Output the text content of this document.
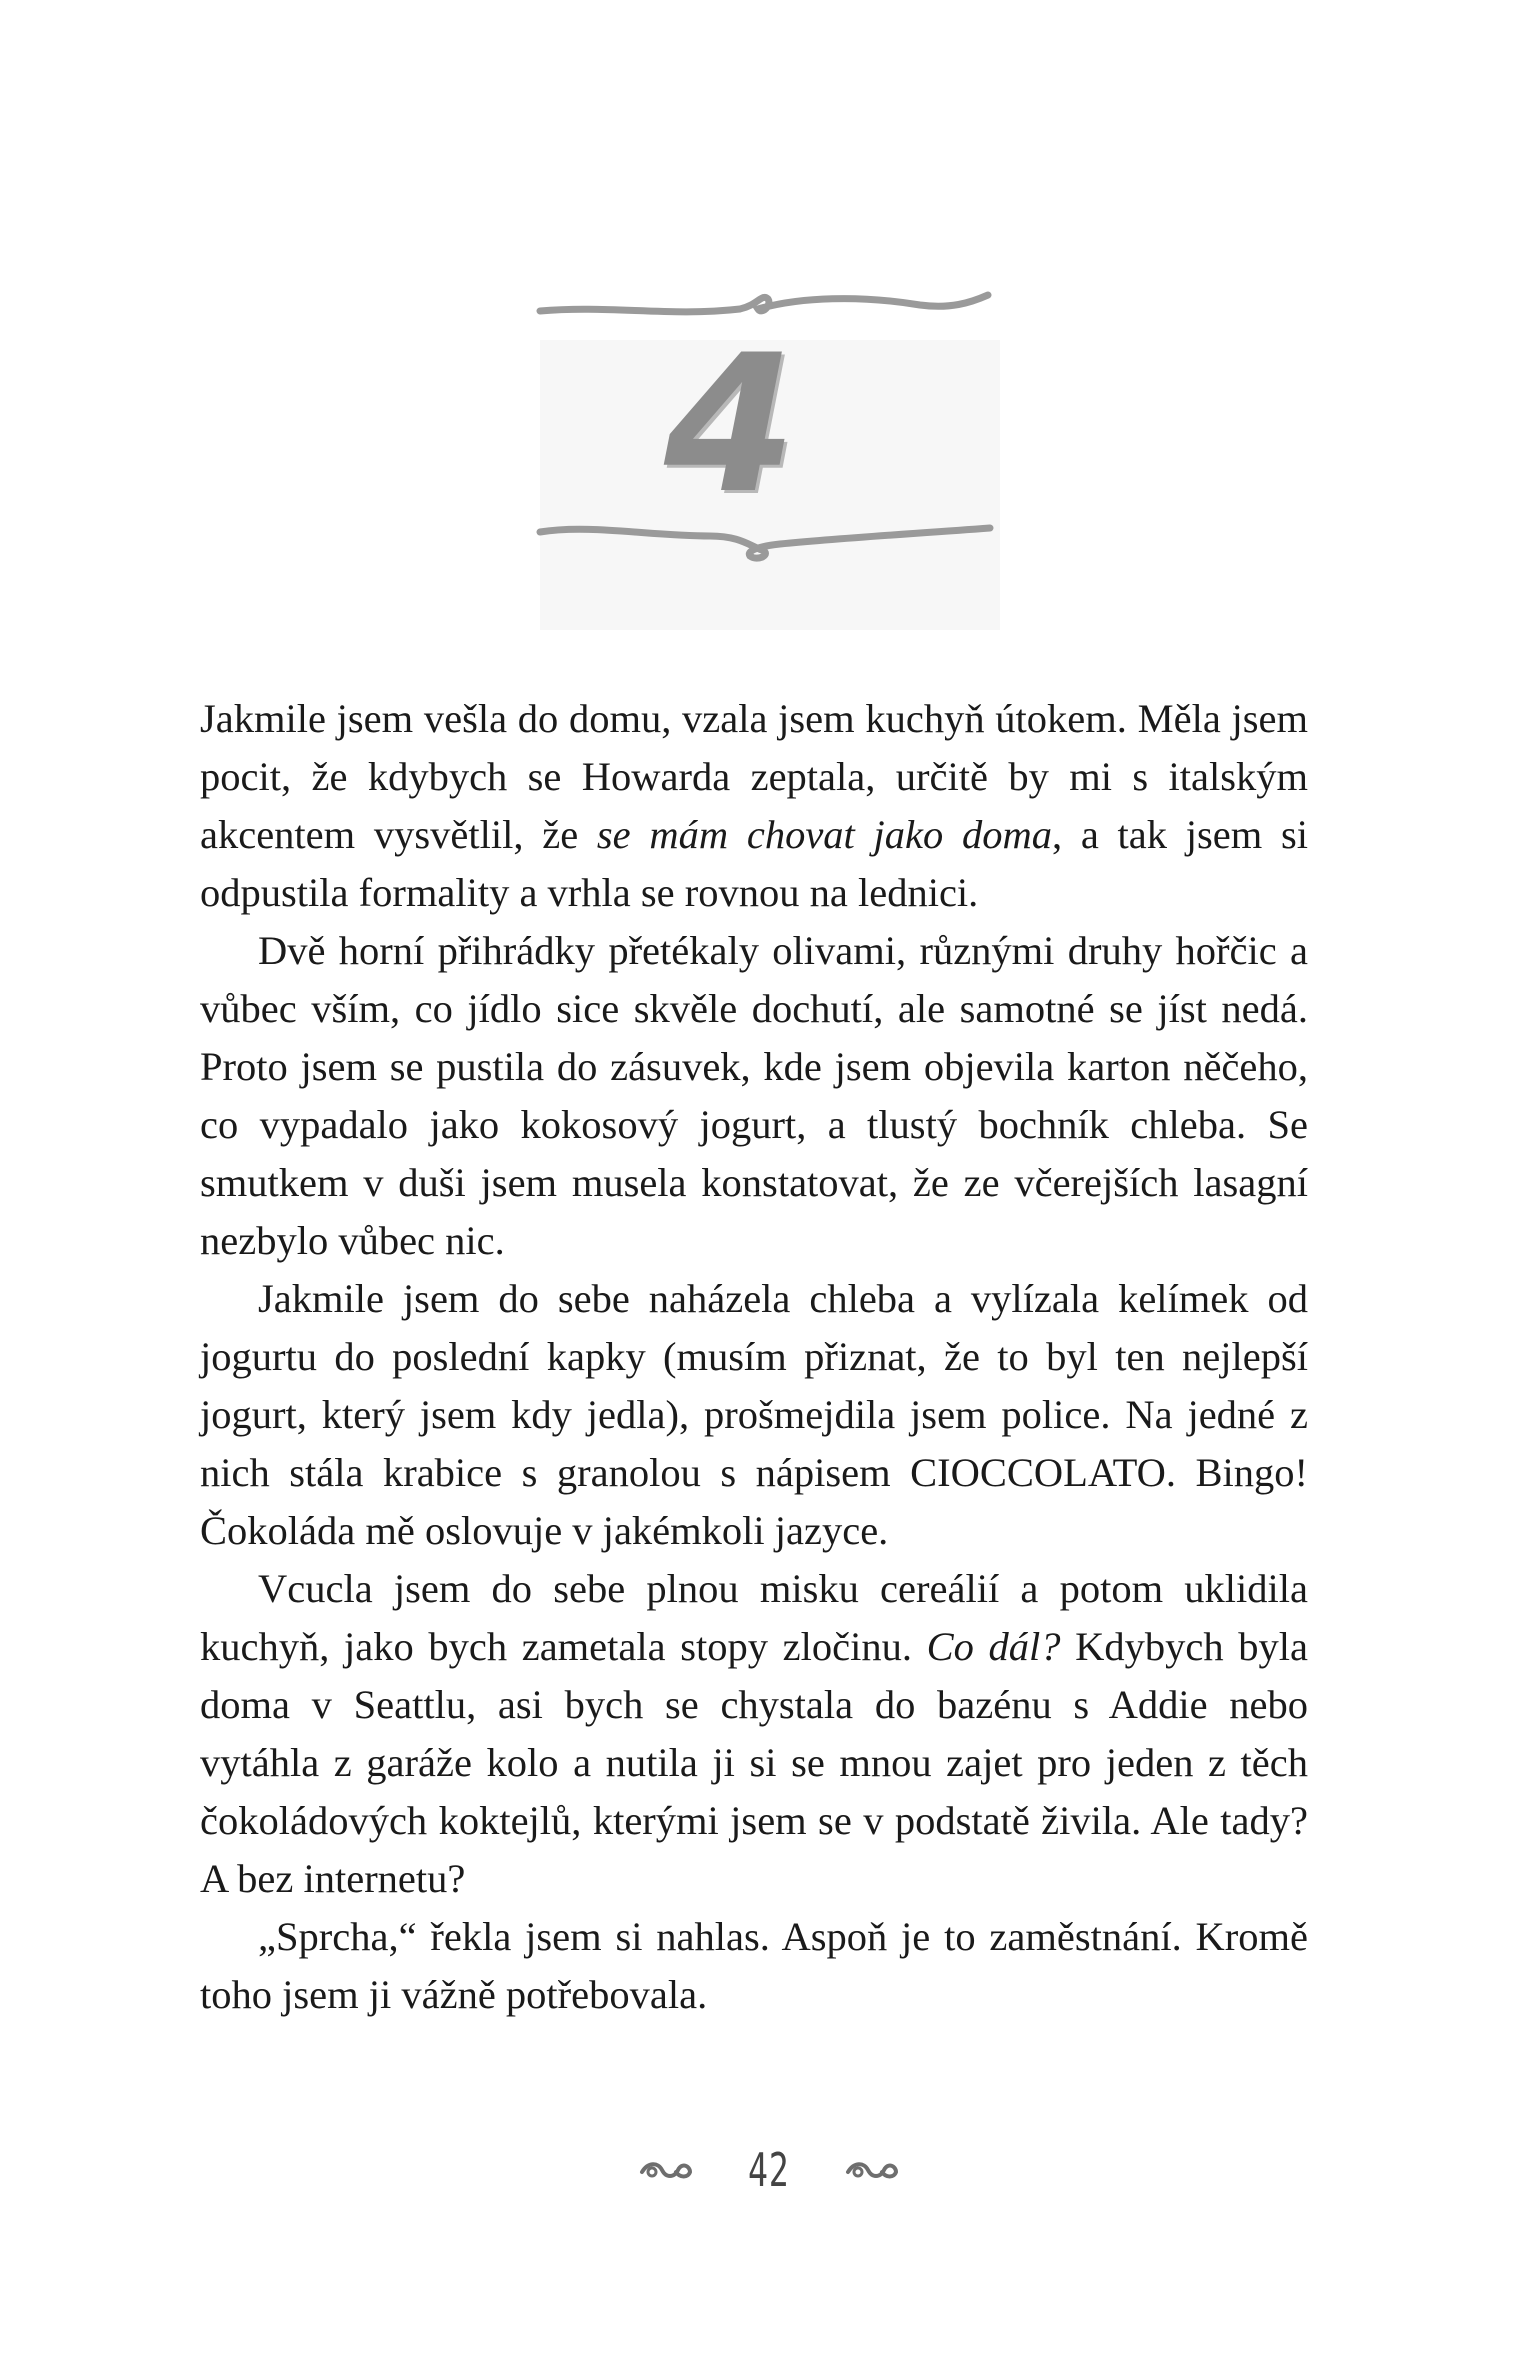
4

Jakmile jsem vešla do domu, vzala jsem kuchyň útokem. Měla jsem pocit, že kdybych se Howarda zeptala, určitě by mi s italským akcentem vysvětlil, že se mám chovat jako doma, a tak jsem si odpustila formality a vrhla se rovnou na lednici.

Dvě horní přihrádky přetékaly olivami, různými druhy hořčic a vůbec vším, co jídlo sice skvěle dochutí, ale samotné se jíst nedá. Proto jsem se pustila do zásuvek, kde jsem objevila karton něčeho, co vypadalo jako kokosový jogurt, a tlustý bochník chleba. Se smutkem v duši jsem musela konstatovat, že ze včerejších lasagní nezbylo vůbec nic.

Jakmile jsem do sebe naházela chleba a vylízala kelímek od jogurtu do poslední kapky (musím přiznat, že to byl ten nejlepší jogurt, který jsem kdy jedla), prošmejdila jsem police. Na jedné z nich stála krabice s granolou s nápisem CIOCCOLATO. Bingo! Čokoláda mě oslovuje v jakémkoli jazyce.

Vcucla jsem do sebe plnou misku cereálií a potom uklidila kuchyň, jako bych zametala stopy zločinu. Co dál? Kdybych byla doma v Seattlu, asi bych se chystala do bazénu s Addie nebo vytáhla z garáže kolo a nutila ji si se mnou zajet pro jeden z těch čokoládových koktejlů, kterými jsem se v podstatě živila. Ale tady? A bez internetu?

„Sprcha,“ řekla jsem si nahlas. Aspoň je to zaměstnání. Kromě toho jsem ji vážně potřebovala.

42
